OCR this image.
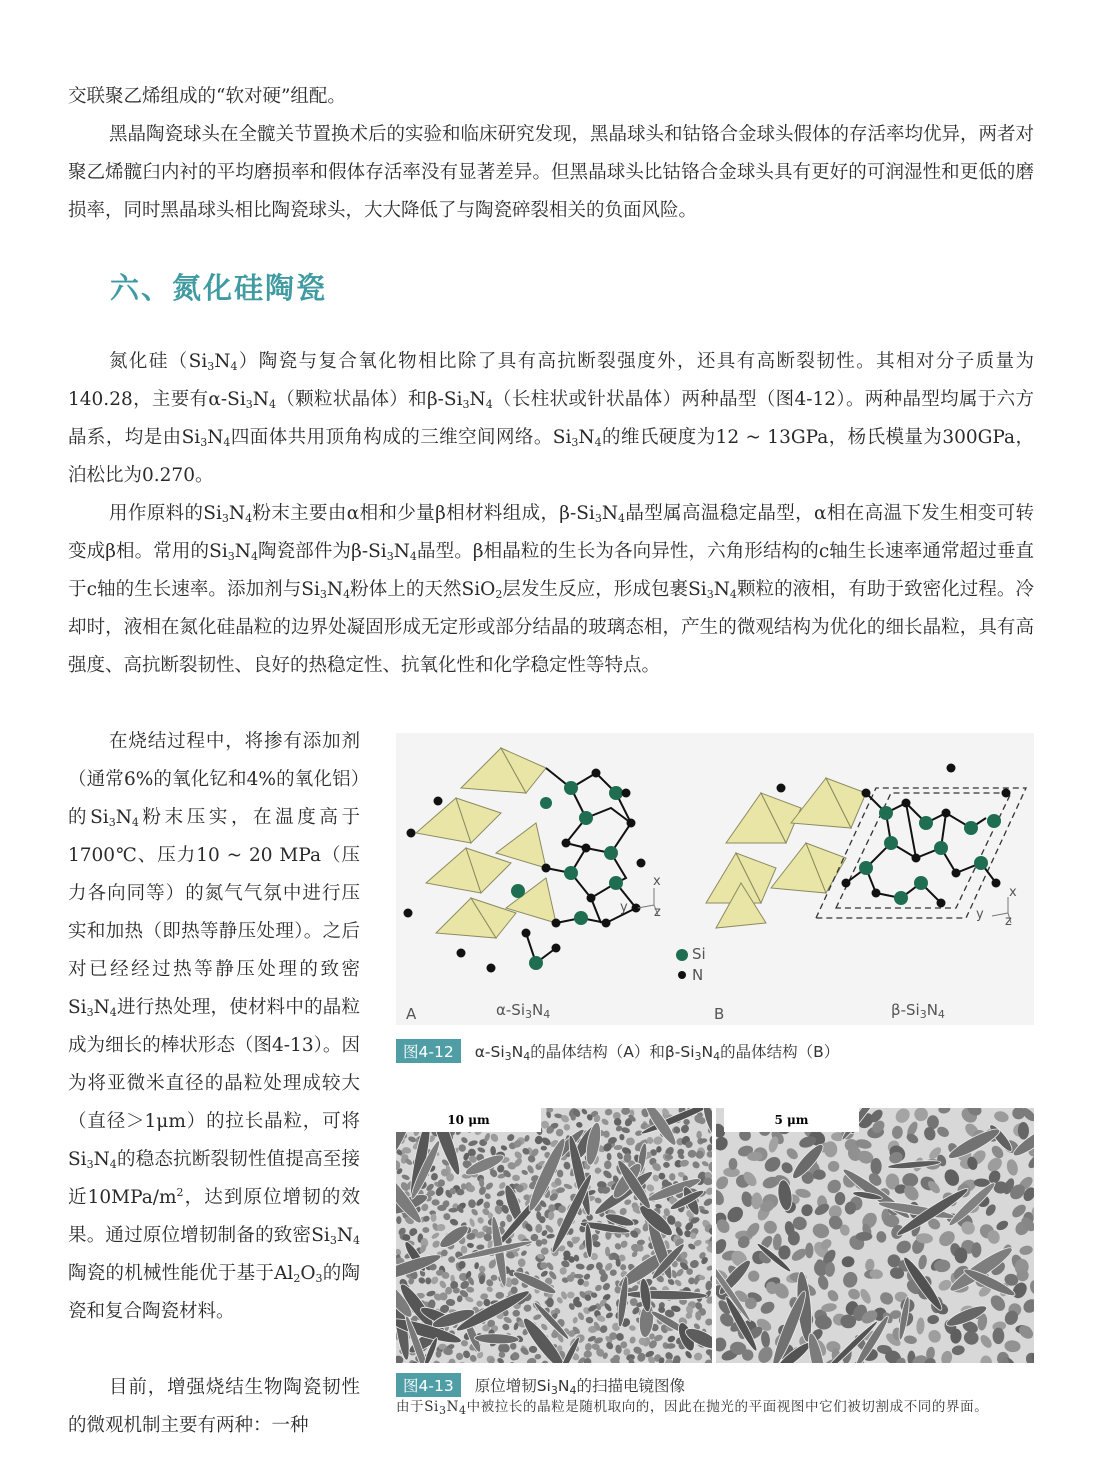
交联聚乙烯组成的“软对硬”组配。

黑晶陶瓷球头在全髋关节置换术后的实验和临床研究发现，黑晶球头和钴铬合金球头假体的存活率均优异，两者对聚乙烯髋臼内衬的平均磨损率和假体存活率没有显著差异。但黑晶球头比钴铬合金球头具有更好的可润湿性和更低的磨损率，同时黑晶球头相比陶瓷球头，大大降低了与陶瓷碎裂相关的负面风险。

六、氮化硅陶瓷

氮化硅$(Si_3N_4)$陶瓷与复合氧化物相比除了具有高抗断裂强度外，还具有高断裂韧性。其相对分子质量为140.28，主要有$\alpha-Si_3N_4$（颗粒状晶体）和$\beta-Si_3N_4$（长柱状或针状晶体）两种晶型（图4-12）。两种晶型均属于六方晶系，均是由$Si_3N_4$四面体共用顶角构成的三维空间网络。$Si_3N_4$的维氏硬度为12 ~ 13GPa，杨氏模量为300GPa，泊松比为0.270。

用作原料的$Si_3N_4$粉末主要由α相和少量β相材料组成，$\beta-Si_3N_4$晶型属高温稳定晶型，α相在高温下发生相变可转变成β相。常用的$Si_3N_4$陶瓷部件为$\beta-Si_3N_4$晶型。β相晶粒的生长为各向异性，六角形结构的c轴生长速率通常超过垂直于c轴的生长速率。添加剂与$Si_3N_4$粉体上的天然SiO$_2$层发生反应，形成包裹$Si_3N_4$颗粒的液相，有助于致密化过程。冷却时，液相在氮化硅晶粒的边界处凝固形成无定形或部分结晶的玻璃态相，产生的微观结构为优化的细长晶粒，具有高强度、高抗断裂韧性、良好的热稳定性、抗氧化性和化学稳定性等特点。

在烧结过程中，将掺有添加剂（通常6%的氧化钇和4%的氧化铝）的$Si_3N_4$粉末压实，在温度高于1700℃、压力10 ~ 20 MPa（压力各向同等）的氮气气氛中进行压实和加热（即热等静压处理）。之后对已经经过热等静压处理的致密$Si_3N_4$进行热处理，使材料中的晶粒成为细长的棒状形态（图4-13）。因为将亚微米直径的晶粒处理成较大（直径＞1μm）的拉长晶粒，可将$Si_3N_4$的稳态抗断裂韧性值提高至接近$10MPa/m^2$，达到原位增韧的效果。通过原位增韧制备的致密$Si_3N_4$陶瓷的机械性能优于基于$Al_2O_3$的陶瓷和复合陶瓷材料。

目前，增强烧结生物陶瓷韧性的微观机制主要有两种：一种

x
y z
x
y z
Si
N
A	$\alpha-Si_3N_4$	B	$\beta-Si_3N_4$
图4-12 $\alpha-Si_3N_4$的晶体结构（A）和$\beta-Si_3N_4$的晶体结构（B）
10 μm	5 μm
图4-13 原位增韧$Si_3N_4$的扫描电镜图像
由于$Si_3N_4$中被拉长的晶粒是随机取向的，因此在抛光的平面视图中它们被切割成不同的界面。
